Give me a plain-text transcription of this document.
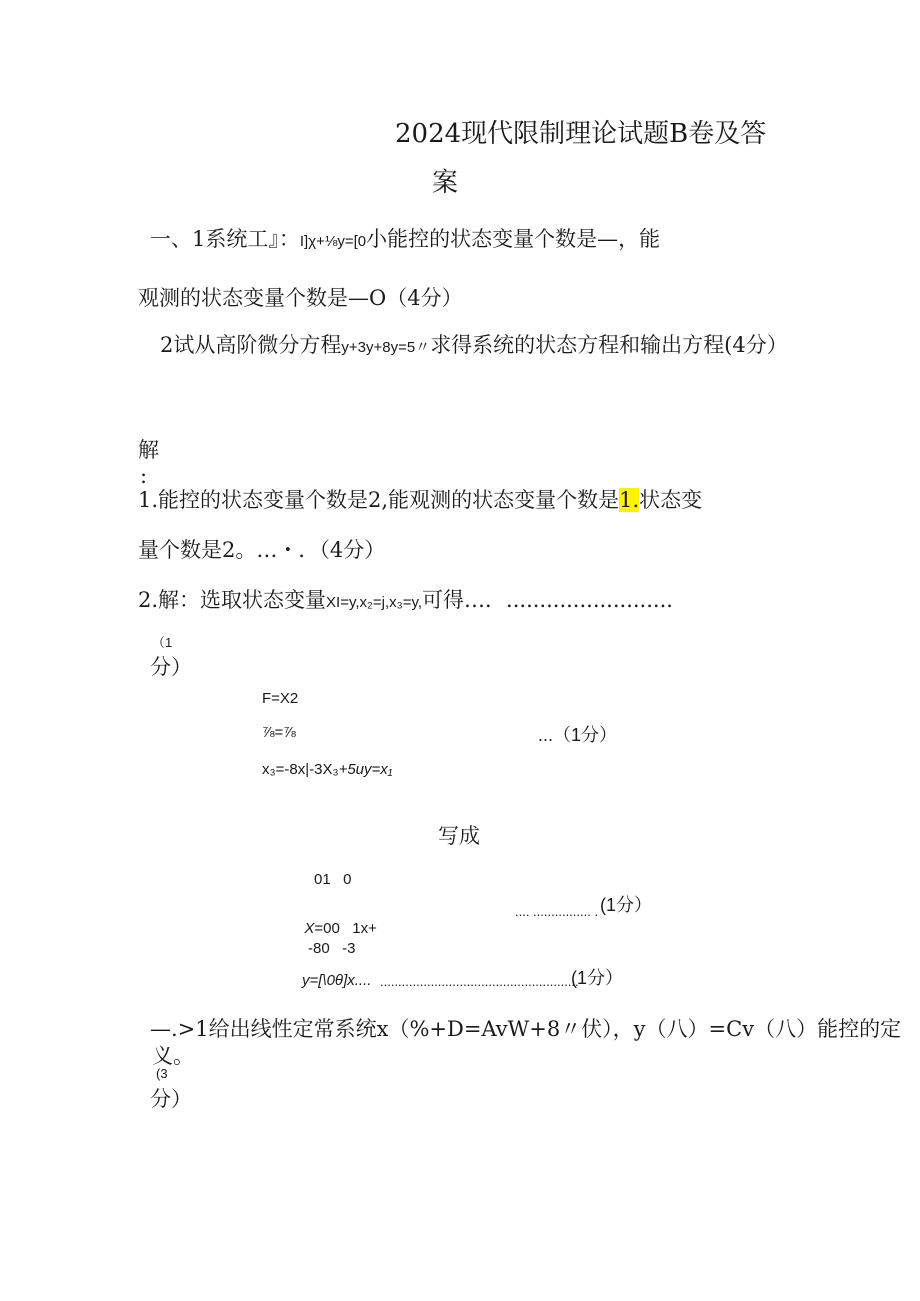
2024现代限制理论试题B卷及答
案
一、1系统工』：I]χ+⅛y=[0小能控的状态变量个数是—，能
观测的状态变量个数是—O（4分）
2试从高阶微分方程y+3y+8y=5〃求得系统的状态方程和输出方程(4分）
解
:
1.能控的状态变量个数是2,能观测的状态变量个数是1.状态变
量个数是2。…・．（4分）
2.解：选取状态变量XI=y,x₂=j,x₃=y,可得…．.........................
（1
分）
F=X2
⅞=⅞	...（1分）
x₃=-8x|-3X₃+5uy=x₁
写成
01   0

X=00   1x+

.... ................ . (1分）
-80   -3
y=[\0θ]x.... .......................................................
(1分）
—.>1给出线性定常系统x（%+D=AvW+8〃伏），y（八）=Cv（八）能控的定
义。
(3
分）
